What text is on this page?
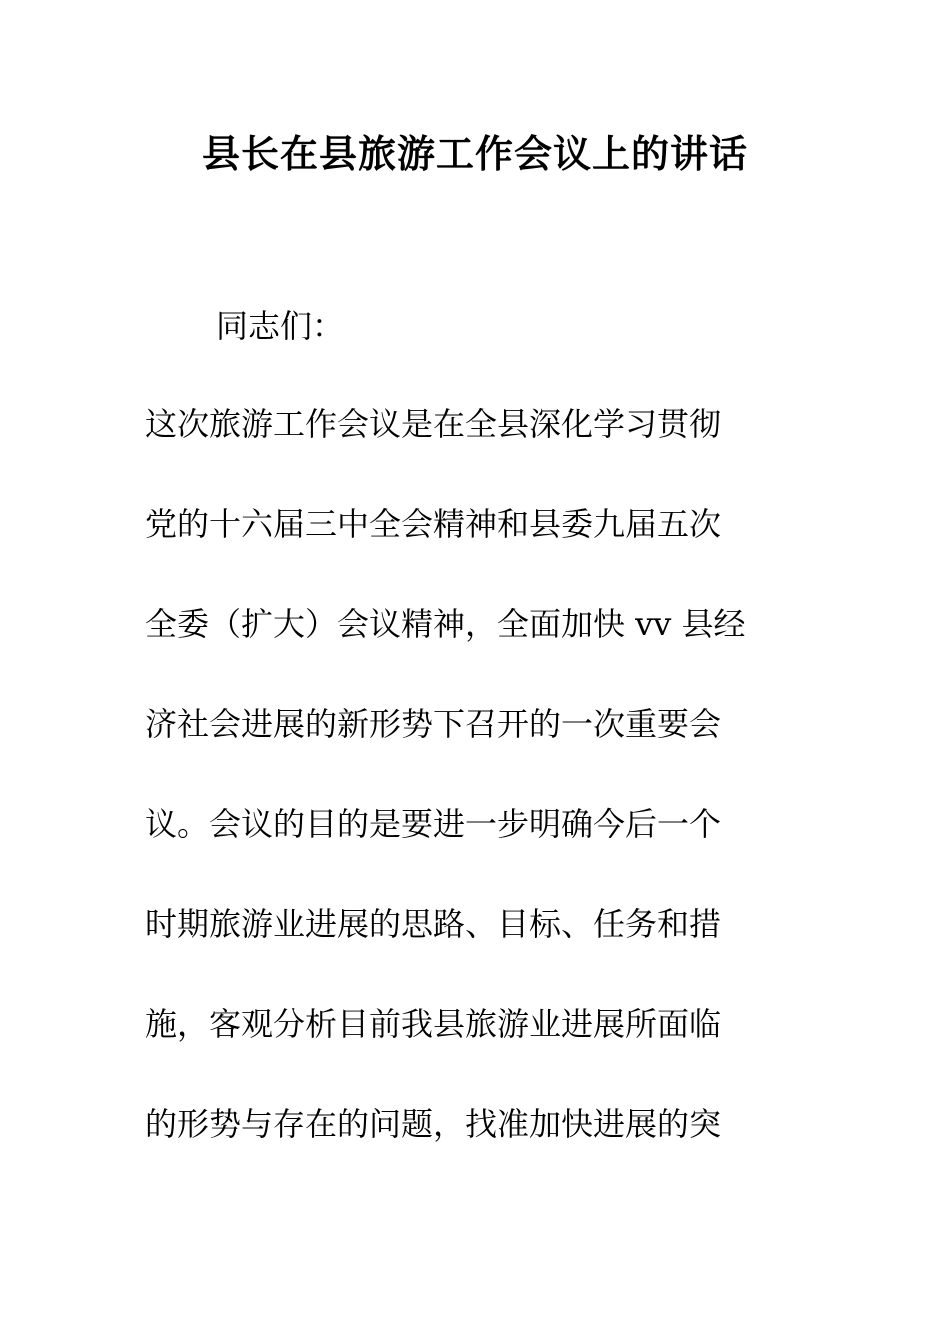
县长在县旅游工作会议上的讲话
同志们：
这次旅游工作会议是在全县深化学习贯彻
党的十六届三中全会精神和县委九届五次
全委（扩大）会议精神，全面加快 vv 县经
济社会进展的新形势下召开的一次重要会
议。会议的目的是要进一步明确今后一个
时期旅游业进展的思路、目标、任务和措
施，客观分析目前我县旅游业进展所面临
的形势与存在的问题，找准加快进展的突
